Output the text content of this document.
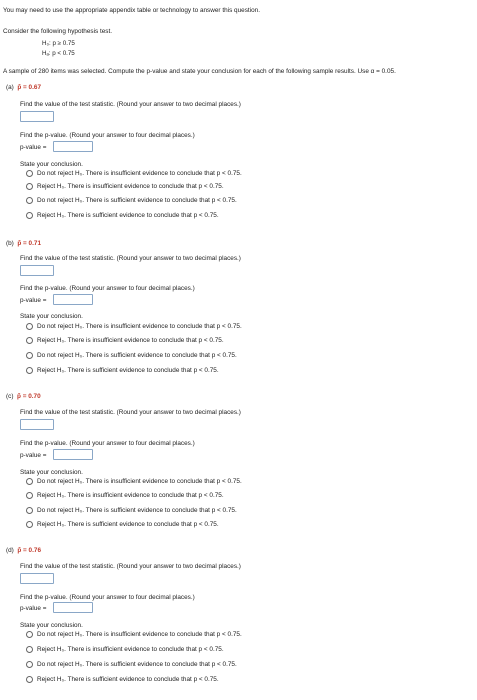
You may need to use the appropriate appendix table or technology to answer this question.
Consider the following hypothesis test.
H₀: p ≥ 0.75
Hₐ: p < 0.75
A sample of 280 items was selected. Compute the p-value and state your conclusion for each of the following sample results. Use α = 0.05.
(a) p̂ = 0.67
Find the value of the test statistic. (Round your answer to two decimal places.)
Find the p-value. (Round your answer to four decimal places.)
p-value =
State your conclusion.
Do not reject H₀. There is insufficient evidence to conclude that p < 0.75.
Reject H₀. There is insufficient evidence to conclude that p < 0.75.
Do not reject H₀. There is sufficient evidence to conclude that p < 0.75.
Reject H₀. There is sufficient evidence to conclude that p < 0.75.
(b) p̂ = 0.71
Find the value of the test statistic. (Round your answer to two decimal places.)
Find the p-value. (Round your answer to four decimal places.)
p-value =
State your conclusion.
Do not reject H₀. There is insufficient evidence to conclude that p < 0.75.
Reject H₀. There is insufficient evidence to conclude that p < 0.75.
Do not reject H₀. There is sufficient evidence to conclude that p < 0.75.
Reject H₀. There is sufficient evidence to conclude that p < 0.75.
(c) p̂ = 0.70
Find the value of the test statistic. (Round your answer to two decimal places.)
Find the p-value. (Round your answer to four decimal places.)
p-value =
State your conclusion.
Do not reject H₀. There is insufficient evidence to conclude that p < 0.75.
Reject H₀. There is insufficient evidence to conclude that p < 0.75.
Do not reject H₀. There is sufficient evidence to conclude that p < 0.75.
Reject H₀. There is sufficient evidence to conclude that p < 0.75.
(d) p̂ = 0.76
Find the value of the test statistic. (Round your answer to two decimal places.)
Find the p-value. (Round your answer to four decimal places.)
p-value =
State your conclusion.
Do not reject H₀. There is insufficient evidence to conclude that p < 0.75.
Reject H₀. There is insufficient evidence to conclude that p < 0.75.
Do not reject H₀. There is sufficient evidence to conclude that p < 0.75.
Reject H₀. There is sufficient evidence to conclude that p < 0.75.
